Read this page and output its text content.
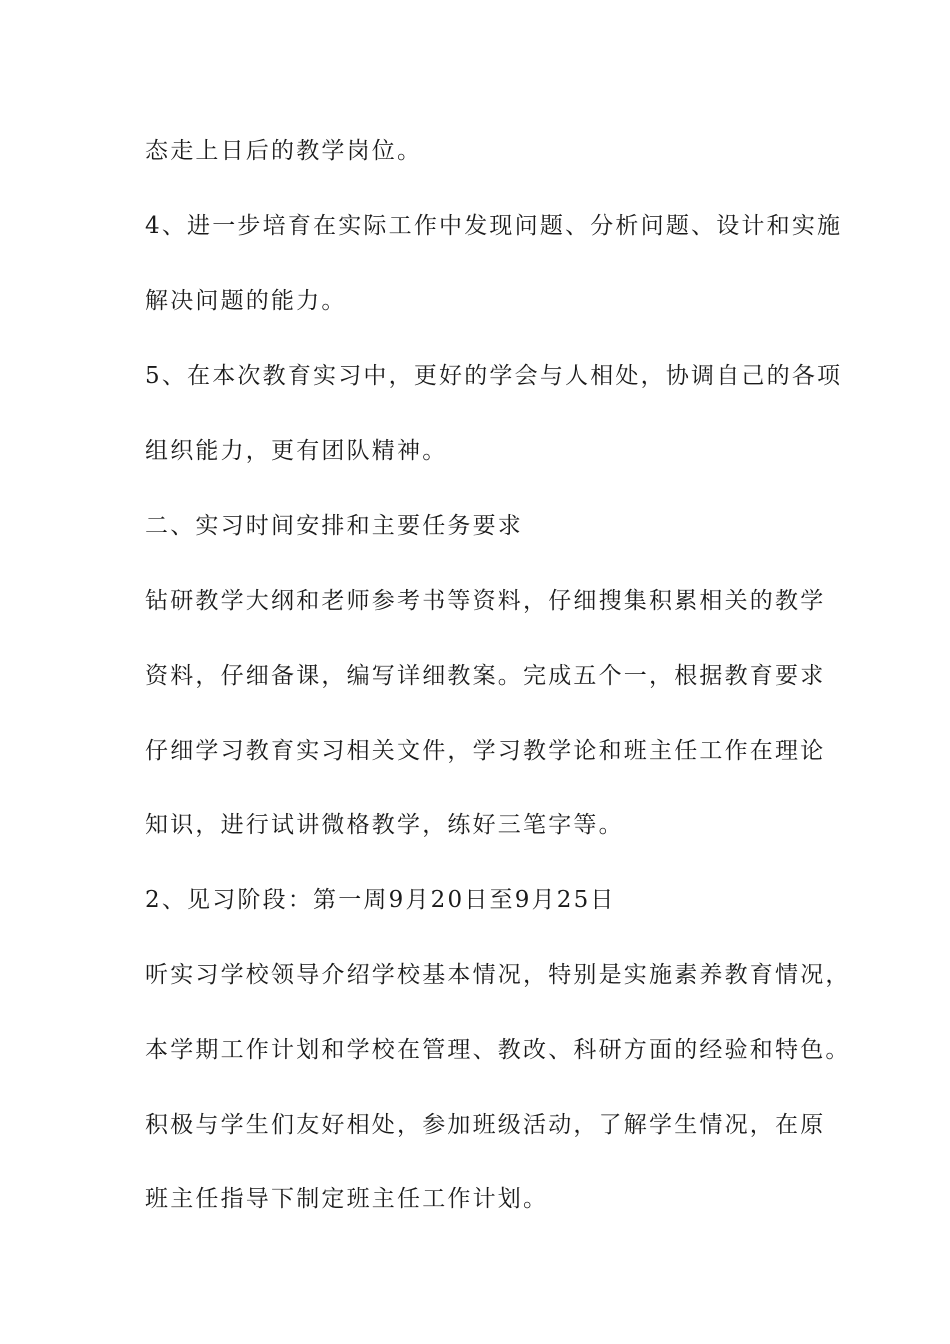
态走上日后的教学岗位。
4、进一步培育在实际工作中发现问题、分析问题、设计和实施
解决问题的能力。
5、在本次教育实习中，更好的学会与人相处，协调自己的各项
组织能力，更有团队精神。
二、实习时间安排和主要任务要求
钻研教学大纲和老师参考书等资料，仔细搜集积累相关的教学
资料，仔细备课，编写详细教案。完成五个一，根据教育要求
仔细学习教育实习相关文件，学习教学论和班主任工作在理论
知识，进行试讲微格教学，练好三笔字等。
2、见习阶段：第一周9月20日至9月25日
听实习学校领导介绍学校基本情况，特别是实施素养教育情况，
本学期工作计划和学校在管理、教改、科研方面的经验和特色。
积极与学生们友好相处，参加班级活动，了解学生情况，在原
班主任指导下制定班主任工作计划。
